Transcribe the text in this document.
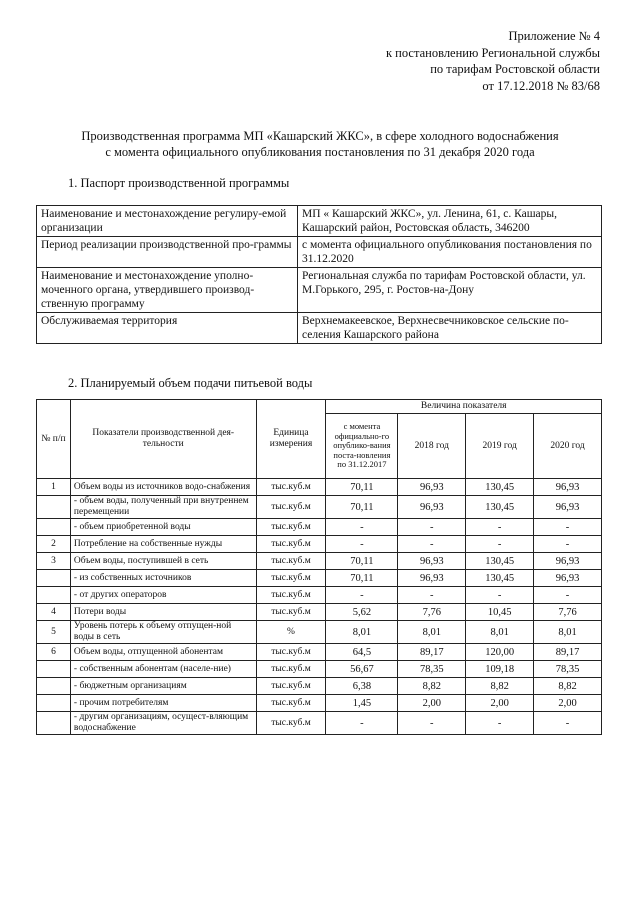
Приложение № 4
к постановлению Региональной службы
по тарифам Ростовской области
от 17.12.2018 № 83/68
Производственная программа МП «Кашарский ЖКС», в сфере холодного водоснабжения
с момента официального опубликования постановления по 31 декабря 2020 года
1. Паспорт производственной программы
Наименование и местонахождение регулиру-емой организации	МП « Кашарский ЖКС», ул. Ленина, 61, с. Кашары, Кашарский район, Ростовская область, 346200
Период реализации производственной про-граммы	с момента официального опубликования постановления по 31.12.2020
Наименование и местонахождение уполно-моченного органа, утвердившего производ-ственную программу	Региональная служба по тарифам Ростовской области, ул. М.Горького, 295, г. Ростов-на-Дону
Обслуживаемая территория	Верхнемакеевское, Верхнесвечниковское сельские по-селения Кашарского района
2. Планируемый объем подачи питьевой воды
№ п/п	Показатели производственной дея-тельности	Единица измерения	Величина показателя			
			с момента официально-го опублико-вания поста-новления по 31.12.2017	2018 год	2019 год	2020 год
1	Объем воды из источников водо-снабжения	тыс.куб.м	70,11	96,93	130,45	96,93
	- объем воды, полученный при внутреннем перемещении	тыс.куб.м	70,11	96,93	130,45	96,93
	- объем приобретенной воды	тыс.куб.м	-	-	-	-
2	Потребление на собственные нужды	тыс.куб.м	-	-	-	-
3	Объем воды, поступившей в сеть	тыс.куб.м	70,11	96,93	130,45	96,93
	- из собственных источников	тыс.куб.м	70,11	96,93	130,45	96,93
	- от других операторов	тыс.куб.м	-	-	-	-
4	Потери воды	тыс.куб.м	5,62	7,76	10,45	7,76
5	Уровень потерь к объему отпущен-ной воды в сеть	%	8,01	8,01	8,01	8,01
6	Объем воды, отпущенной абонентам	тыс.куб.м	64,5	89,17	120,00	89,17
	- собственным абонентам (населе-ние)	тыс.куб.м	56,67	78,35	109,18	78,35
	- бюджетным организациям	тыс.куб.м	6,38	8,82	8,82	8,82
	- прочим потребителям	тыс.куб.м	1,45	2,00	2,00	2,00
	- другим организациям, осущест-вляющим водоснабжение	тыс.куб.м	-	-	-	-
